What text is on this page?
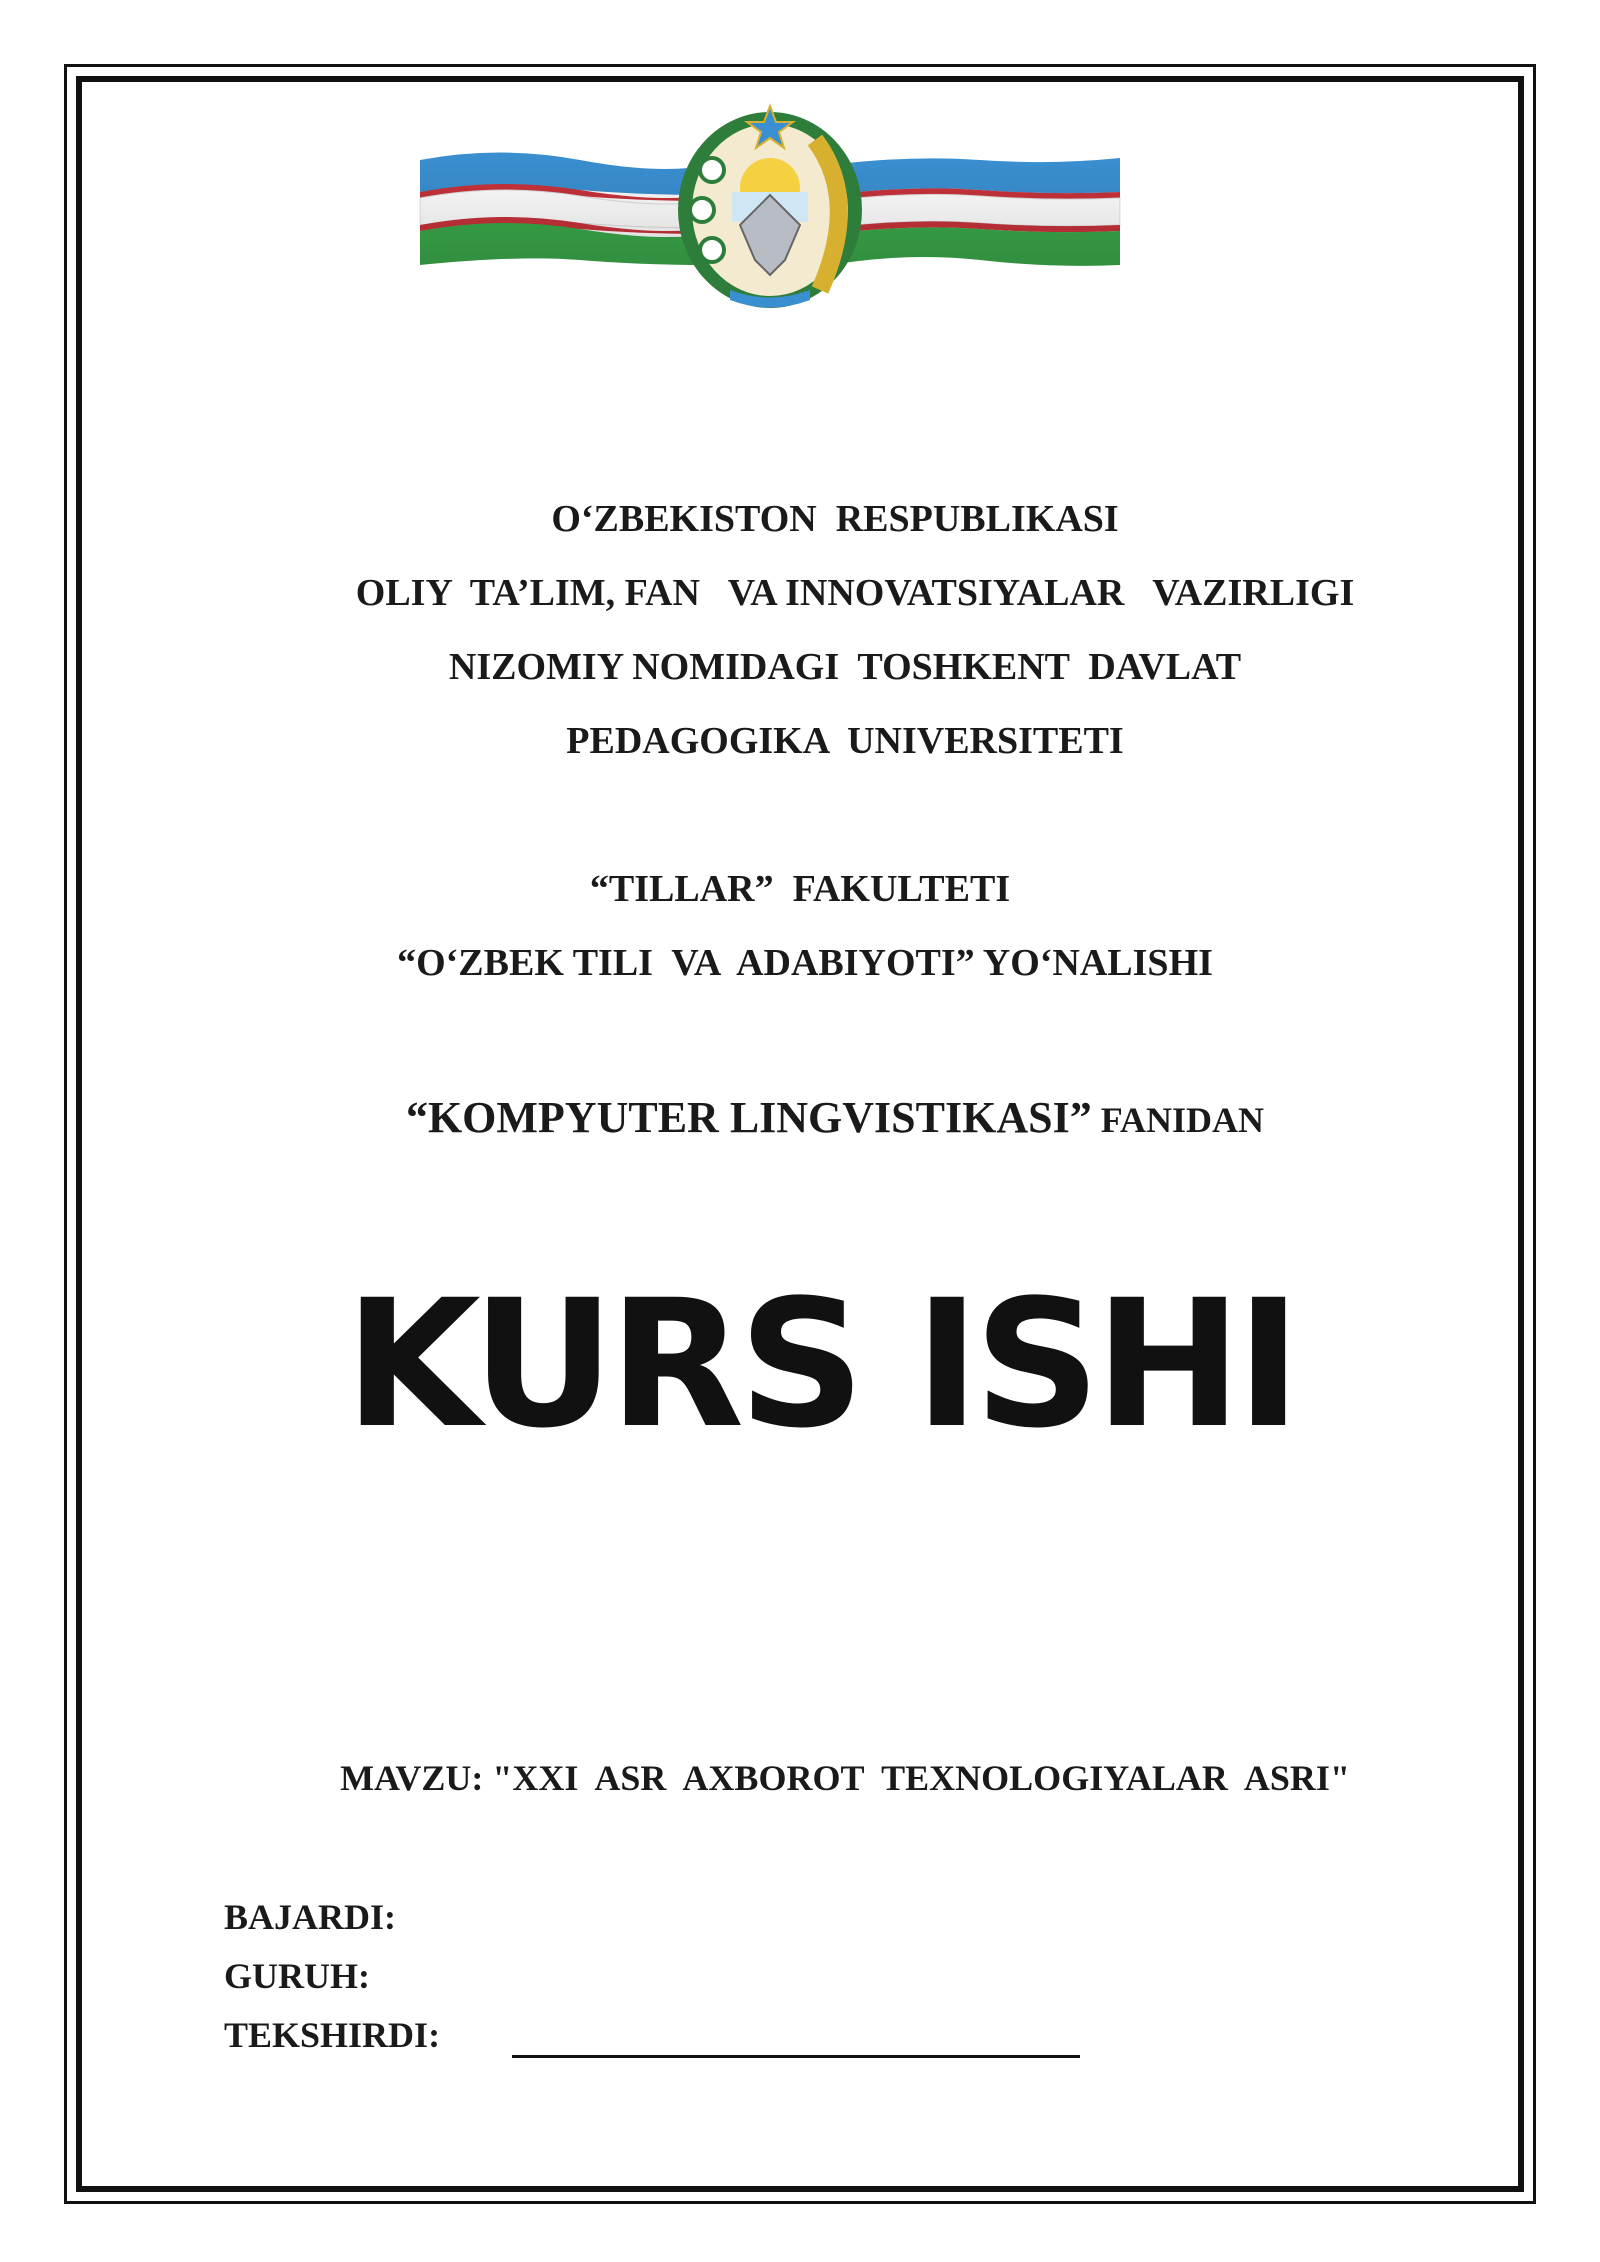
O‘ZBEKISTON  RESPUBLIKASI
OLIY  TA’LIM, FAN   VA INNOVATSIYALAR   VAZIRLIGI
NIZOMIY NOMIDAGI  TOSHKENT  DAVLAT
PEDAGOGIKA  UNIVERSITETI
“TILLAR”  FAKULTETI
“O‘ZBEK TILI  VA  ADABIYOTI” YO‘NALISHI
“KOMPYUTER LINGVISTIKASI” FANIDAN
KURS ISHI
MAVZU: "XXI  ASR  AXBOROT  TEXNOLOGIYALAR  ASRI"
BAJARDI:
GURUH:
TEKSHIRDI:
